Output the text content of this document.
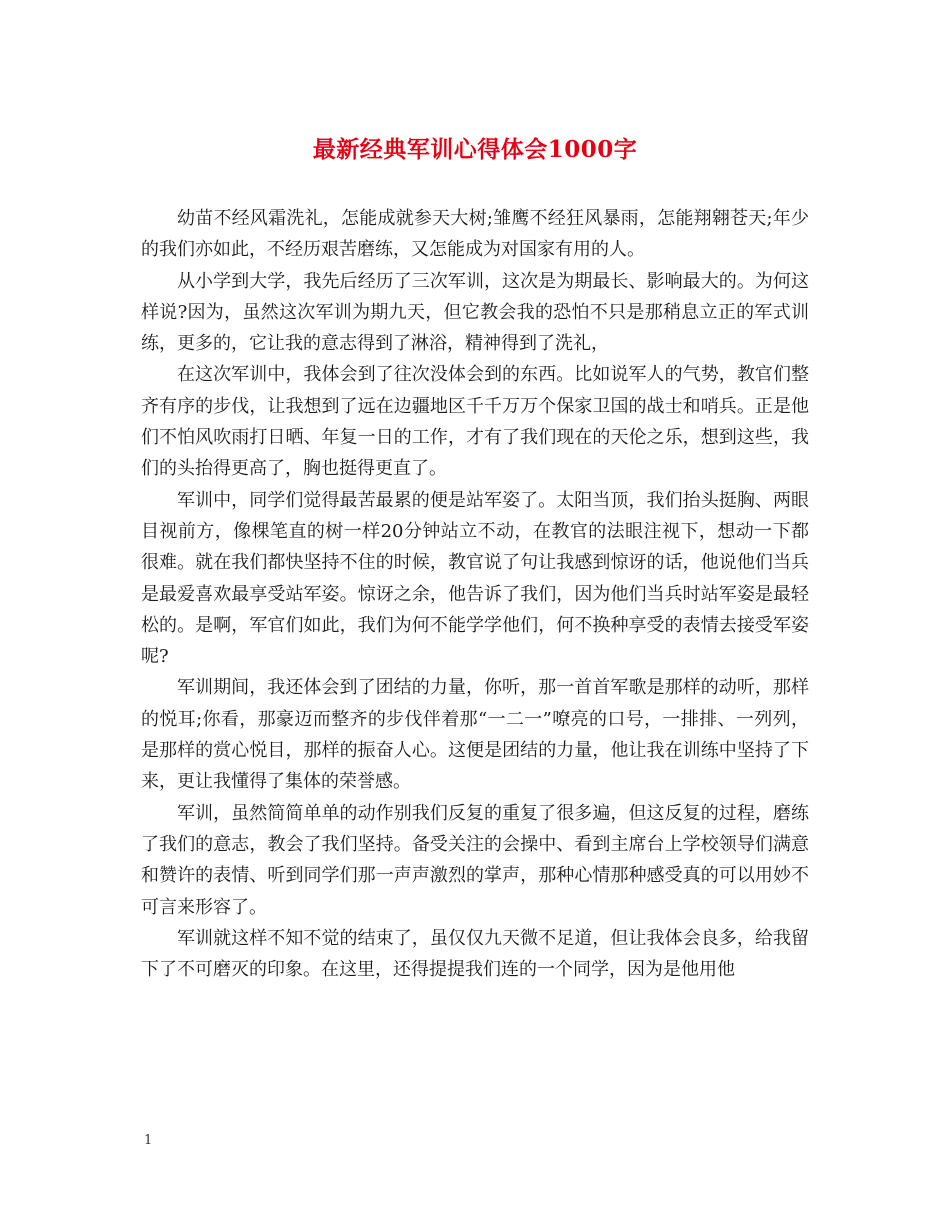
最新经典军训心得体会1000字

幼苗不经风霜洗礼，怎能成就参天大树;雏鹰不经狂风暴雨，怎能翔翱苍天;年少的我们亦如此，不经历艰苦磨练，又怎能成为对国家有用的人。

从小学到大学，我先后经历了三次军训，这次是为期最长、影响最大的。为何这样说?因为，虽然这次军训为期九天，但它教会我的恐怕不只是那稍息立正的军式训练，更多的，它让我的意志得到了淋浴，精神得到了洗礼，

在这次军训中，我体会到了往次没体会到的东西。比如说军人的气势，教官们整齐有序的步伐，让我想到了远在边疆地区千千万万个保家卫国的战士和哨兵。正是他们不怕风吹雨打日晒、年复一日的工作，才有了我们现在的天伦之乐，想到这些，我们的头抬得更高了，胸也挺得更直了。

军训中，同学们觉得最苦最累的便是站军姿了。太阳当顶，我们抬头挺胸、两眼目视前方，像棵笔直的树一样20分钟站立不动，在教官的法眼注视下，想动一下都很难。就在我们都快坚持不住的时候，教官说了句让我感到惊讶的话，他说他们当兵是最爱喜欢最享受站军姿。惊讶之余，他告诉了我们，因为他们当兵时站军姿是最轻松的。是啊，军官们如此，我们为何不能学学他们，何不换种享受的表情去接受军姿呢?

军训期间，我还体会到了团结的力量，你听，那一首首军歌是那样的动听，那样的悦耳;你看，那豪迈而整齐的步伐伴着那“一二一”嘹亮的口号，一排排、一列列，是那样的赏心悦目，那样的振奋人心。这便是团结的力量，他让我在训练中坚持了下来，更让我懂得了集体的荣誉感。

军训，虽然简简单单的动作别我们反复的重复了很多遍，但这反复的过程，磨练了我们的意志，教会了我们坚持。备受关注的会操中、看到主席台上学校领导们满意和赞许的表情、听到同学们那一声声激烈的掌声，那种心情那种感受真的可以用妙不可言来形容了。

军训就这样不知不觉的结束了，虽仅仅九天微不足道，但让我体会良多，给我留下了不可磨灭的印象。在这里，还得提提我们连的一个同学，因为是他用他

1
